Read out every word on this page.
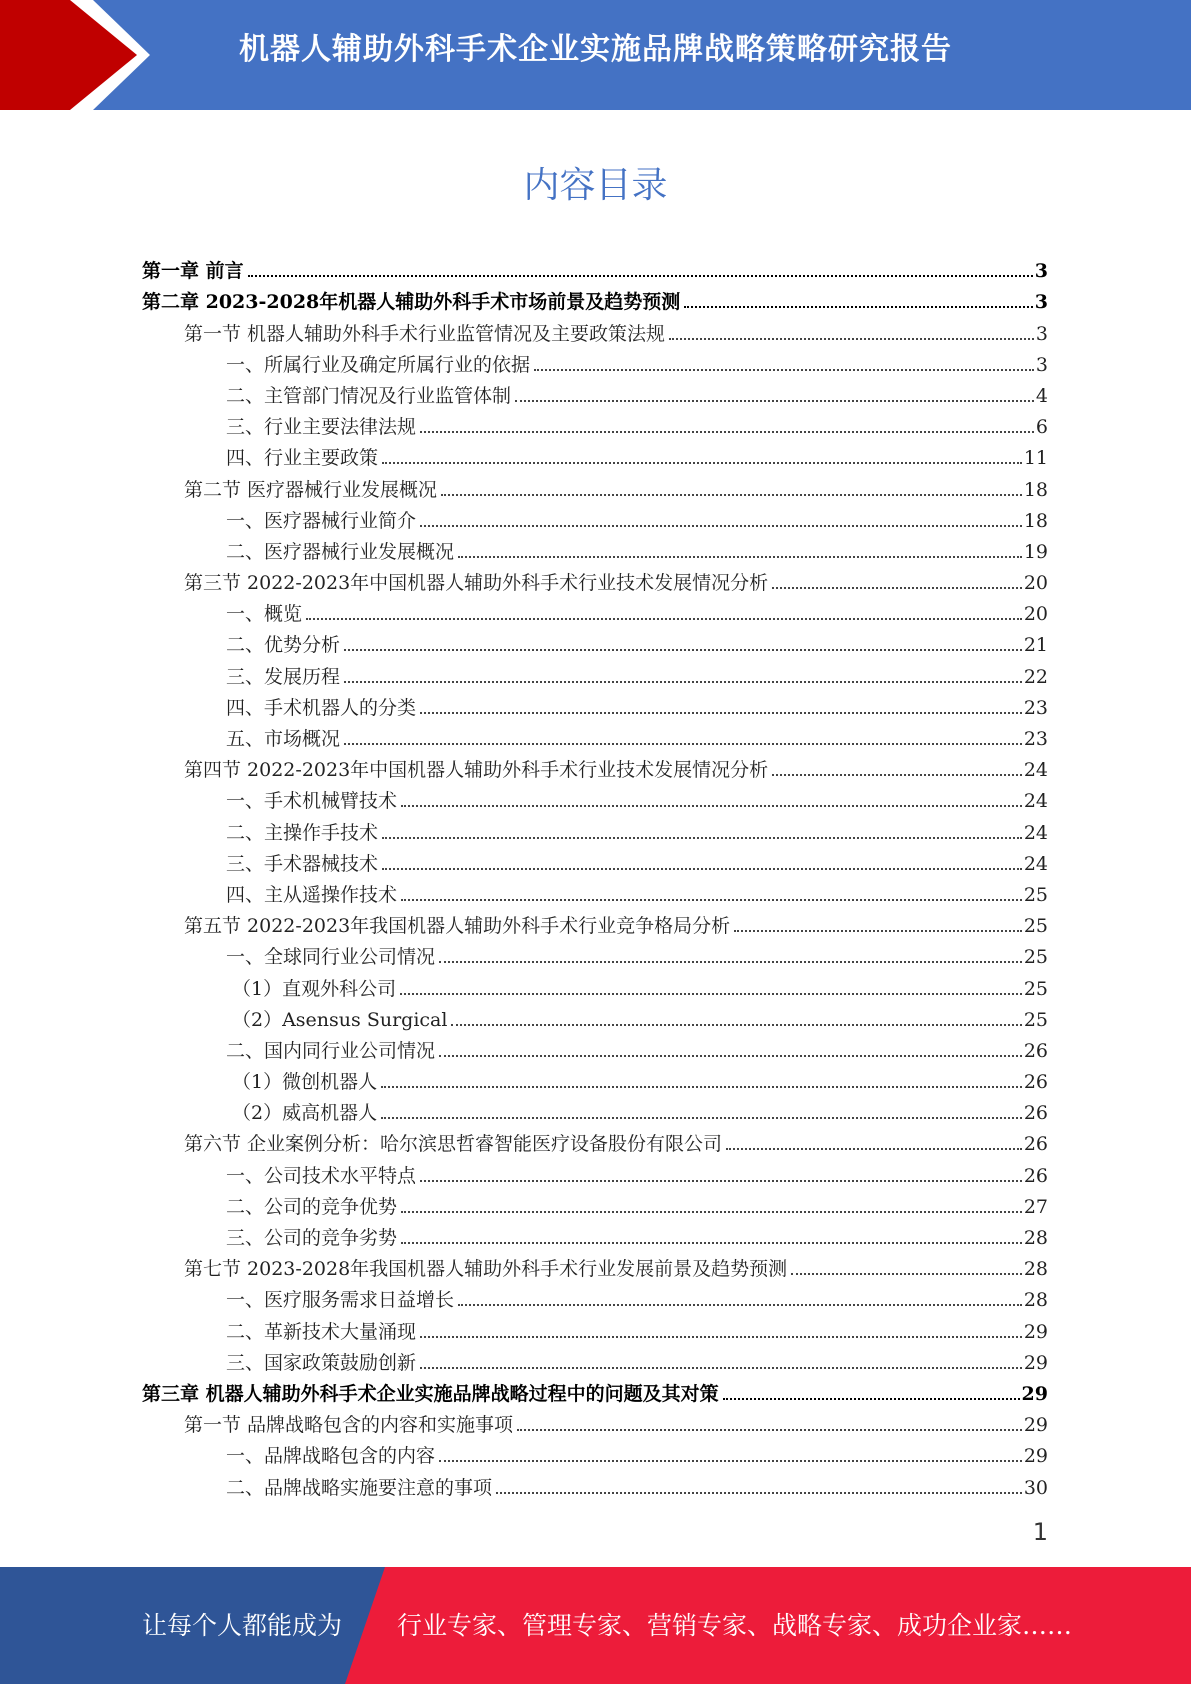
机器人辅助外科手术企业实施品牌战略策略研究报告
内容目录
第一章 前言	3
第二章 2023-2028年机器人辅助外科手术市场前景及趋势预测	3
第一节 机器人辅助外科手术行业监管情况及主要政策法规	3
一、所属行业及确定所属行业的依据	3
二、主管部门情况及行业监管体制	4
三、行业主要法律法规	6
四、行业主要政策	11
第二节 医疗器械行业发展概况	18
一、医疗器械行业简介	18
二、医疗器械行业发展概况	19
第三节 2022-2023年中国机器人辅助外科手术行业技术发展情况分析	20
一、概览	20
二、优势分析	21
三、发展历程	22
四、手术机器人的分类	23
五、市场概况	23
第四节 2022-2023年中国机器人辅助外科手术行业技术发展情况分析	24
一、手术机械臂技术	24
二、主操作手技术	24
三、手术器械技术	24
四、主从遥操作技术	25
第五节 2022-2023年我国机器人辅助外科手术行业竞争格局分析	25
一、全球同行业公司情况	25
（1）直观外科公司	25
（2）Asensus Surgical	25
二、国内同行业公司情况	26
（1）微创机器人	26
（2）威高机器人	26
第六节 企业案例分析：哈尔滨思哲睿智能医疗设备股份有限公司	26
一、公司技术水平特点	26
二、公司的竞争优势	27
三、公司的竞争劣势	28
第七节 2023-2028年我国机器人辅助外科手术行业发展前景及趋势预测	28
一、医疗服务需求日益增长	28
二、革新技术大量涌现	29
三、国家政策鼓励创新	29
第三章 机器人辅助外科手术企业实施品牌战略过程中的问题及其对策	29
第一节 品牌战略包含的内容和实施事项	29
一、品牌战略包含的内容	29
二、品牌战略实施要注意的事项	30
1
让每个人都能成为 行业专家、管理专家、营销专家、战略专家、成功企业家……
